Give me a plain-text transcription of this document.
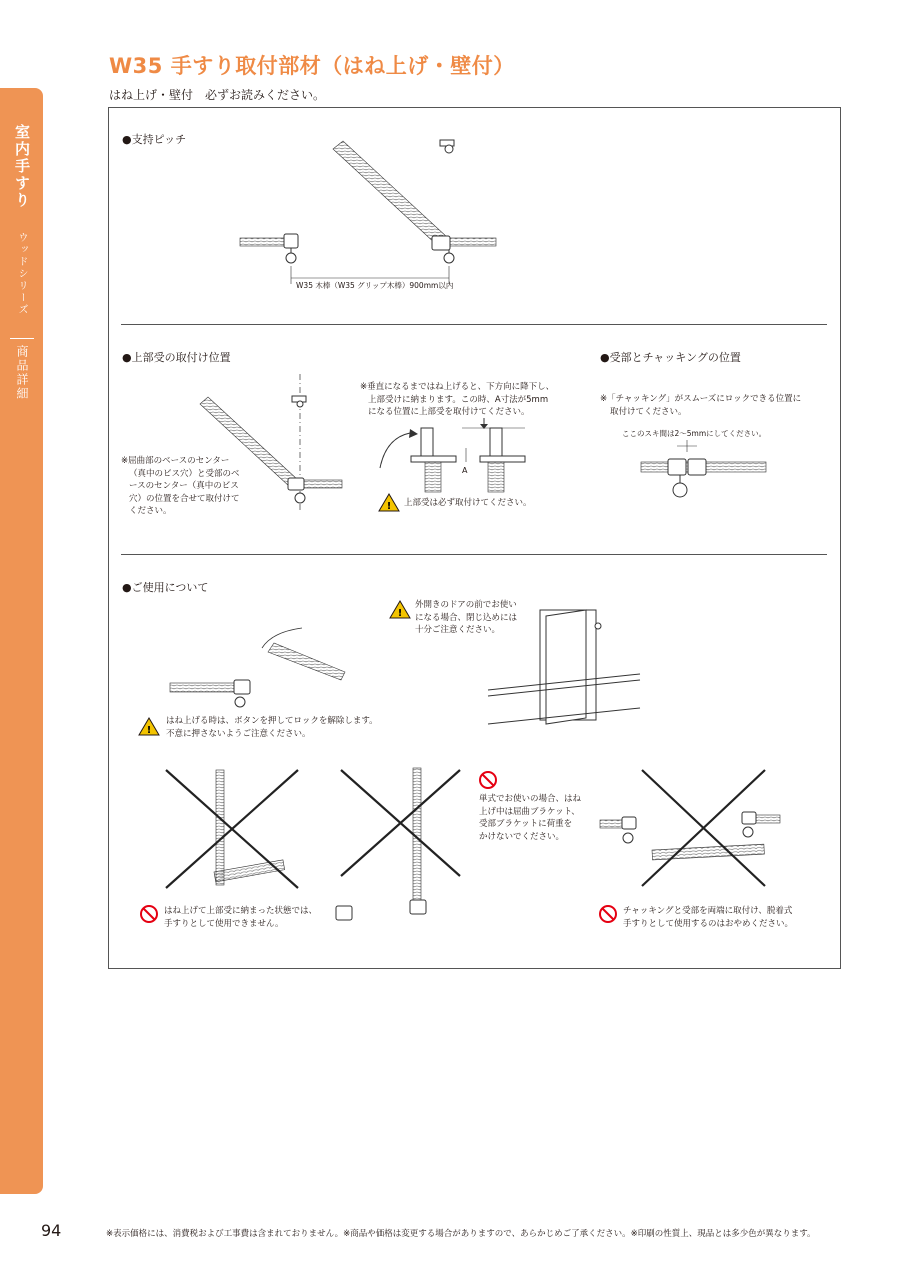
室内手すり
ウッドシリーズ
商品詳細
W35 手すり取付部材（はね上げ・壁付）
はね上げ・壁付　必ずお読みください。
!
!
!
●支持ピッチ
W35 木棒（W35 グリップ木棒）900mm以内
●上部受の取付け位置
※屈曲部のベースのセンター
（真中のビス穴）と受部のベ
ースのセンター（真中のビス
穴）の位置を合せて取付けて
ください。
※垂直になるまではね上げると、下方向に降下し、
上部受けに納まります。この時、A寸法が5mm
になる位置に上部受を取付けてください。
A
上部受は必ず取付けてください。
●受部とチャッキングの位置
※「チャッキング」がスムーズにロックできる位置に
取付けてください。
ここのスキ間は2～5mmにしてください。
●ご使用について
はね上げる時は、ボタンを押してロックを解除します。
不意に押さないようご注意ください。
外開きのドアの前でお使い
になる場合、閉じ込めには
十分ご注意ください。
単式でお使いの場合、はね
上げ中は屈曲ブラケット、
受部ブラケットに荷重を
かけないでください。
はね上げて上部受に納まった状態では、
手すりとして使用できません。
チャッキングと受部を両端に取付け、脱着式
手すりとして使用するのはおやめください。
94	※表示価格には、消費税および工事費は含まれておりません。※商品や価格は変更する場合がありますので、あらかじめご了承ください。※印刷の性質上、現品とは多少色が異なります。
